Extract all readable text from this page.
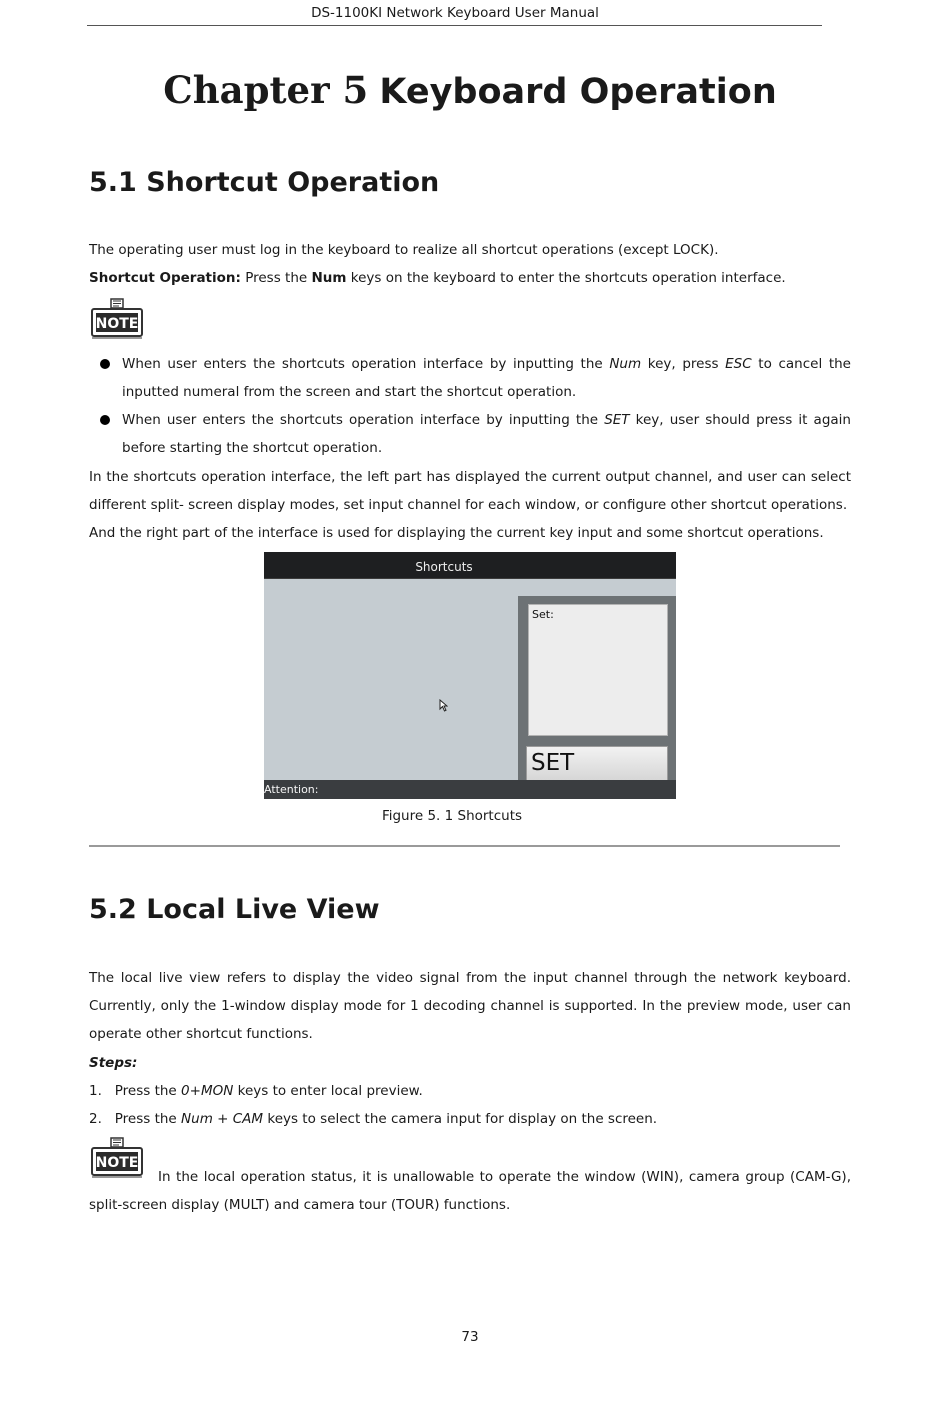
DS-1100KI Network Keyboard User Manual
Chapter 5 Keyboard Operation
5.1 Shortcut Operation
The operating user must log in the keyboard to realize all shortcut operations (except LOCK).
Shortcut Operation: Press the Num keys on the keyboard to enter the shortcuts operation interface.
NOTE
When user enters the shortcuts operation interface by inputting the Num key, press ESC to cancel the inputted numeral from the screen and start the shortcut operation.
When user enters the shortcuts operation interface by inputting the SET key, user should press it again before starting the shortcut operation.
In the shortcuts operation interface, the left part has displayed the current output channel, and user can select different split- screen display modes, set input channel for each window, or configure other shortcut operations.
And the right part of the interface is used for displaying the current key input and some shortcut operations.
Shortcuts
Set:
SET
Attention:
Figure 5. 1 Shortcuts
5.2 Local Live View
The local live view refers to display the video signal from the input channel through the network keyboard. Currently, only the 1-window display mode for 1 decoding channel is supported. In the preview mode, user can operate other shortcut functions.
Steps:
1. Press the 0+MON keys to enter local preview.
2. Press the Num + CAM keys to select the camera input for display on the screen.
NOTE
In the local operation status, it is unallowable to operate the window (WIN), camera group (CAM-G), split-screen display (MULT) and camera tour (TOUR) functions.
73
